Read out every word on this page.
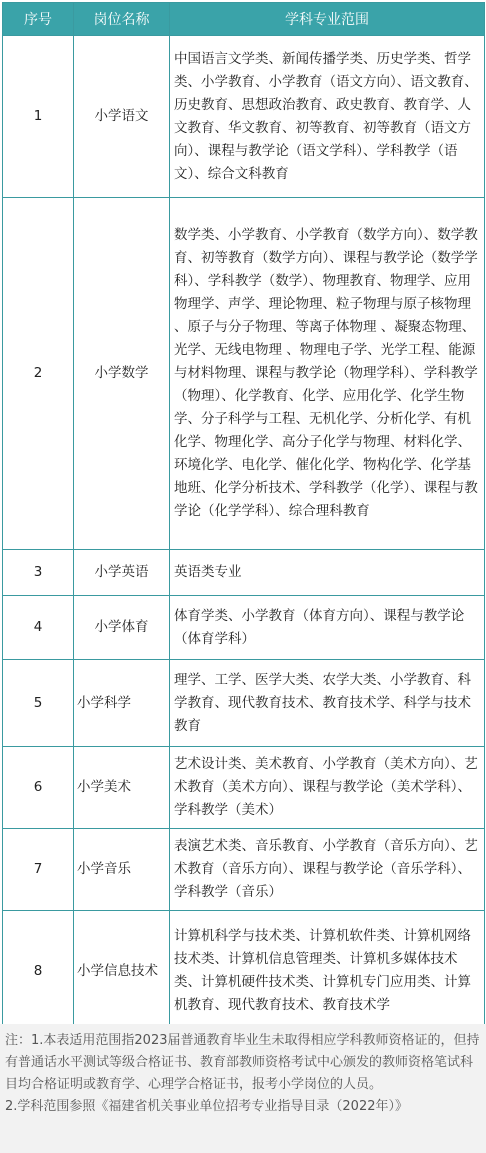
序号	岗位名称	学科专业范围
1	小学语文	中国语言文学类、新闻传播学类、历史学类、哲学类、小学教育、小学教育（语文方向）、语文教育、历史教育、思想政治教育、政史教育、教育学、人文教育、华文教育、初等教育、初等教育（语文方向）、课程与教学论（语文学科）、学科教学（语文）、综合文科教育
2	小学数学	数学类、小学教育、小学教育（数学方向）、数学教育、初等教育（数学方向）、课程与教学论（数学学科）、学科教学（数学）、物理教育、物理学、应用物理学、声学、理论物理、粒子物理与原子核物理 、原子与分子物理、等离子体物理 、凝聚态物理、光学、无线电物理 、物理电子学、光学工程、能源与材料物理、课程与教学论（物理学科）、学科教学（物理）、化学教育、化学、应用化学、化学生物学、分子科学与工程、无机化学、分析化学、有机化学、物理化学、高分子化学与物理、材料化学、环境化学、电化学、催化化学、物构化学、化学基地班、化学分析技术、学科教学（化学）、课程与教学论（化学学科）、综合理科教育
3	小学英语	英语类专业
4	小学体育	体育学类、小学教育（体育方向）、课程与教学论（体育学科）
5	小学科学	理学、工学、医学大类、农学大类、小学教育、科学教育、现代教育技术、教育技术学、科学与技术教育
6	小学美术	艺术设计类、美术教育、小学教育（美术方向）、艺术教育（美术方向）、课程与教学论（美术学科）、学科教学（美术）
7	小学音乐	表演艺术类、音乐教育、小学教育（音乐方向）、艺术教育（音乐方向）、课程与教学论（音乐学科）、学科教学（音乐）
8	小学信息技术	计算机科学与技术类、计算机软件类、计算机网络技术类、计算机信息管理类、计算机多媒体技术类、计算机硬件技术类、计算机专门应用类、计算机教育、现代教育技术、教育技术学

注：1.本表适用范围指2023届普通教育毕业生未取得相应学科教师资格证的，但持有普通话水平测试等级合格证书、教育部教师资格考试中心颁发的教师资格笔试科目均合格证明或教育学、心理学合格证书，报考小学岗位的人员。

2.学科范围参照《福建省机关事业单位招考专业指导目录（2022年）》
